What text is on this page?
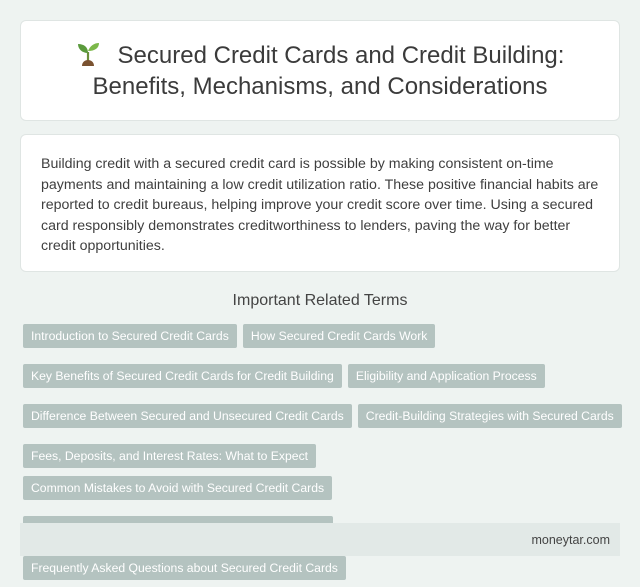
Secured Credit Cards and Credit Building:
Benefits, Mechanisms, and Considerations

Building credit with a secured credit card is possible by making consistent on-time payments and maintaining a low credit utilization ratio. These positive financial habits are reported to credit bureaus, helping improve your credit score over time. Using a secured card responsibly demonstrates creditworthiness to lenders, paving the way for better credit opportunities.

Important Related Terms
Introduction to Secured Credit Cards	How Secured Credit Cards Work
Key Benefits of Secured Credit Cards for Credit Building	Eligibility and Application Process
Difference Between Secured and Unsecured Credit Cards	Credit-Building Strategies with Secured Cards
Fees, Deposits, and Interest Rates: What to Expect
Common Mistakes to Avoid with Secured Credit Cards
Frequently Asked Questions about Secured Credit Cards
moneytar.com
